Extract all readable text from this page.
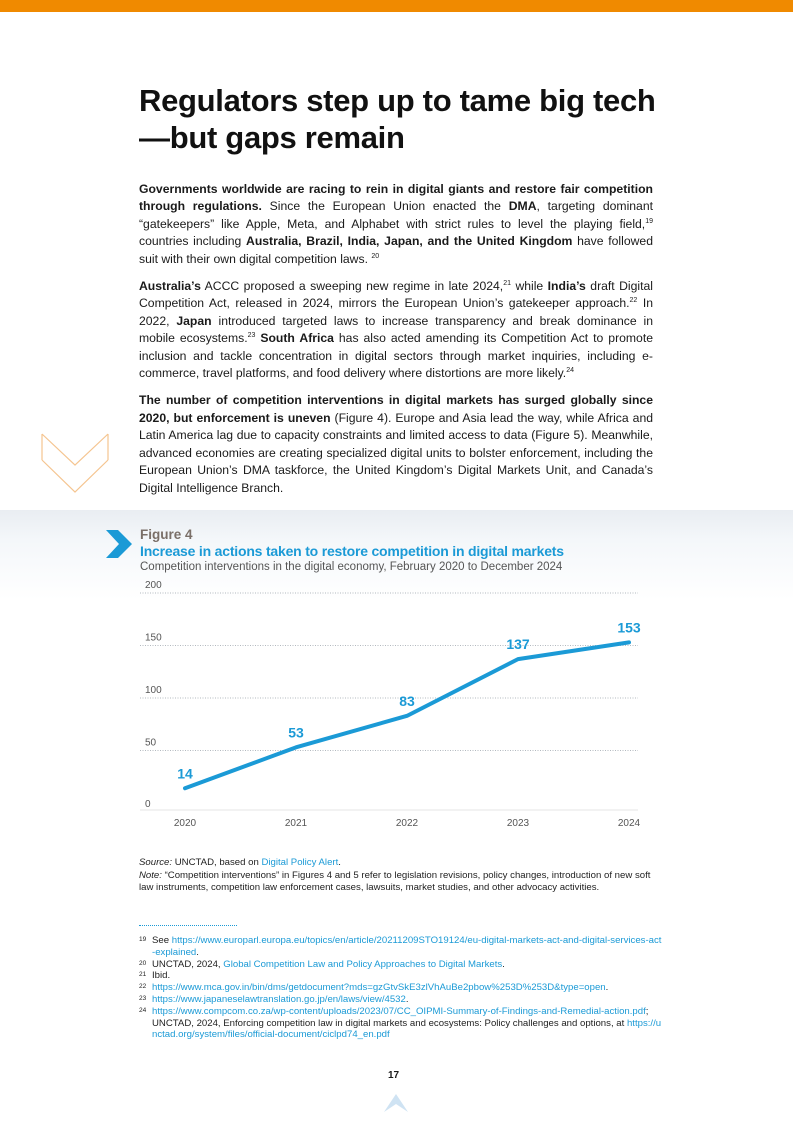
Regulators step up to tame big tech—but gaps remain

Governments worldwide are racing to rein in digital giants and restore fair competition through regulations. Since the European Union enacted the DMA, targeting dominant “gatekeepers” like Apple, Meta, and Alphabet with strict rules to level the playing field,$^{19}$ countries including Australia, Brazil, India, Japan, and the United Kingdom have followed suit with their own digital competition laws. $^{20}$

Australia’s ACCC proposed a sweeping new regime in late 2024,21 while India’s draft Digital Competition Act, released in 2024, mirrors the European Union’s gatekeeper approach.$^{22}$ In 2022, Japan introduced targeted laws to increase transparency and break dominance in mobile ecosystems.$^{23}$ South Africa has also acted amending its Competition Act to promote inclusion and tackle concentration in digital sectors through market inquiries, including e-commerce, travel platforms, and food delivery where distortions are more likely.$^{24}$

The number of competition interventions in digital markets has surged globally since 2020, but enforcement is uneven (Figure 4). Europe and Asia lead the way, while Africa and Latin America lag due to capacity constraints and limited access to data (Figure 5). Meanwhile, advanced economies are creating specialized digital units to bolster enforcement, including the European Union’s DMA taskforce, the United Kingdom’s Digital Markets Unit, and Canada’s Digital Intelligence Branch.

Figure 4
Increase in actions taken to restore competition in digital markets
Competition interventions in the digital economy, February 2020 to December 2024
0
50
100
150
200
2020	2021	2022	2023	2024
14
53
83
137
153
Source: UNCTAD, based on Digital Policy Alert.
Note: “Competition interventions” in Figures 4 and 5 refer to legislation revisions, policy changes, introduction of new soft law instruments, competition law enforcement cases, lawsuits, market studies, and other advocacy activities.
19 See https://www.europarl.europa.eu/topics/en/article/20211209STO19124/eu-digital-markets-act-and-digital-services-act-explained.
20 UNCTAD, 2024, Global Competition Law and Policy Approaches to Digital Markets.
21 Ibid.
22 https://www.mca.gov.in/bin/dms/getdocument?mds=gzGtvSkE3zlVhAuBe2pbow%253D%253D&type=open.
23 https://www.japaneselawtranslation.go.jp/en/laws/view/4532.
24 https://www.compcom.co.za/wp-content/uploads/2023/07/CC_OIPMI-Summary-of-Findings-and-Remedial-action.pdf; UNCTAD, 2024, Enforcing competition law in digital markets and ecosystems: Policy challenges and options, at https://unctad.org/system/files/official-document/ciclpd74_en.pdf
17
